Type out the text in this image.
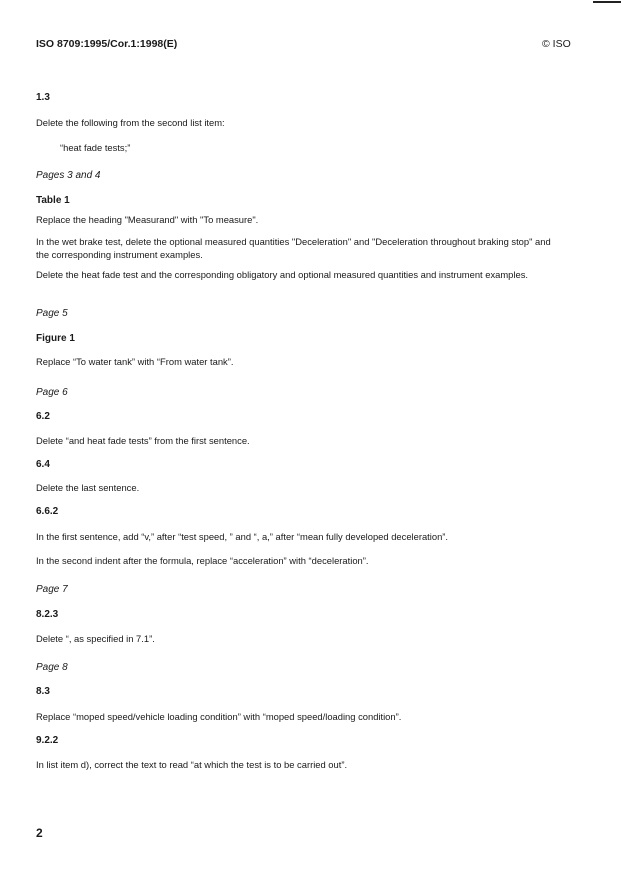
ISO 8709:1995/Cor.1:1998(E)	© ISO
1.3
Delete the following from the second list item:
“heat fade tests;”
Pages 3 and 4
Table 1
Replace the heading "Measurand" with "To measure".
In the wet brake test, delete the optional measured quantities "Deceleration" and "Deceleration throughout braking stop" and the corresponding instrument examples.
Delete the heat fade test and the corresponding obligatory and optional measured quantities and instrument examples.
Page 5
Figure 1
Replace “To water tank” with “From water tank”.
Page 6
6.2
Delete “and heat fade tests” from the first sentence.
6.4
Delete the last sentence.
6.6.2
In the first sentence, add “v,” after “test speed, ” and “, a,” after “mean fully developed deceleration”.
In the second indent after the formula, replace “acceleration” with “deceleration”.
Page 7
8.2.3
Delete “, as specified in 7.1”.
Page 8
8.3
Replace “moped speed/vehicle loading condition” with “moped speed/loading condition”.
9.2.2
In list item d), correct the text to read “at which the test is to be carried out”.
2
